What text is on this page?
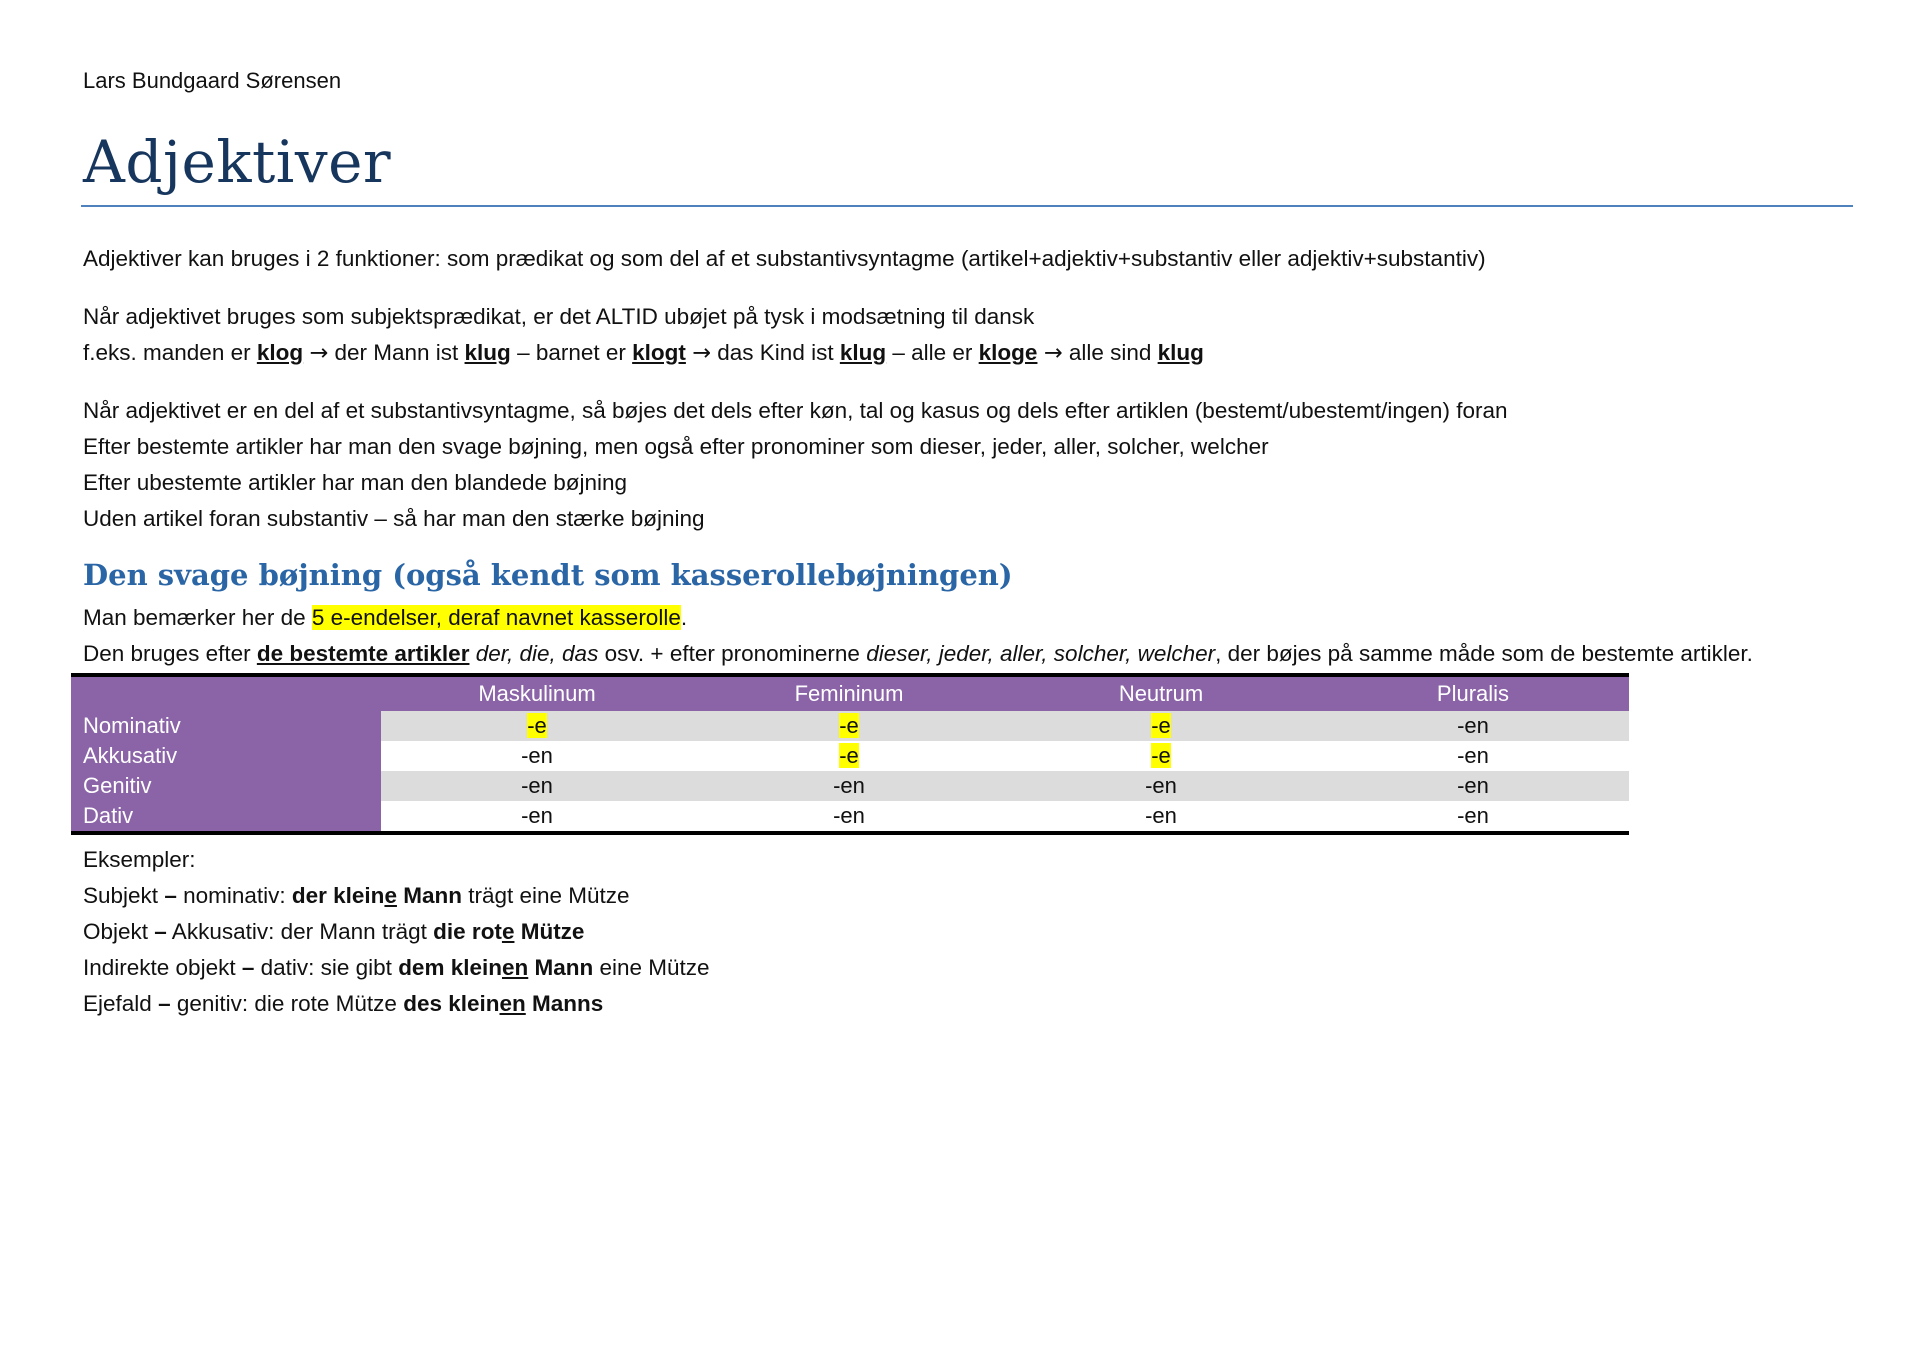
Lars Bundgaard Sørensen
Adjektiver
Adjektiver kan bruges i 2 funktioner: som prædikat og som del af et substantivsyntagme (artikel+adjektiv+substantiv eller adjektiv+substantiv)
Når adjektivet bruges som subjektsprædikat, er det ALTID ubøjet på tysk i modsætning til dansk
f.eks. manden er klog → der Mann ist klug – barnet er klogt → das Kind ist klug – alle er kloge → alle sind klug
Når adjektivet er en del af et substantivsyntagme, så bøjes det dels efter køn, tal og kasus og dels efter artiklen (bestemt/ubestemt/ingen) foran
Efter bestemte artikler har man den svage bøjning, men også efter pronominer som dieser, jeder, aller, solcher, welcher
Efter ubestemte artikler har man den blandede bøjning
Uden artikel foran substantiv – så har man den stærke bøjning
Den svage bøjning (også kendt som kasserollebøjningen)
Man bemærker her de 5 e-endelser, deraf navnet kasserolle.
Den bruges efter de bestemte artikler der, die, das osv. + efter pronominerne dieser, jeder, aller, solcher, welcher, der bøjes på samme måde som de bestemte artikler.
	Maskulinum	Femininum	Neutrum	Pluralis
Nominativ	-e	-e	-e	-en
Akkusativ	-en	-e	-e	-en
Genitiv	-en	-en	-en	-en
Dativ	-en	-en	-en	-en
Eksempler:
Subjekt – nominativ: der kleine Mann trägt eine Mütze
Objekt – Akkusativ: der Mann trägt die rote Mütze
Indirekte objekt – dativ: sie gibt dem kleinen Mann eine Mütze
Ejefald – genitiv: die rote Mütze des kleinen Manns
